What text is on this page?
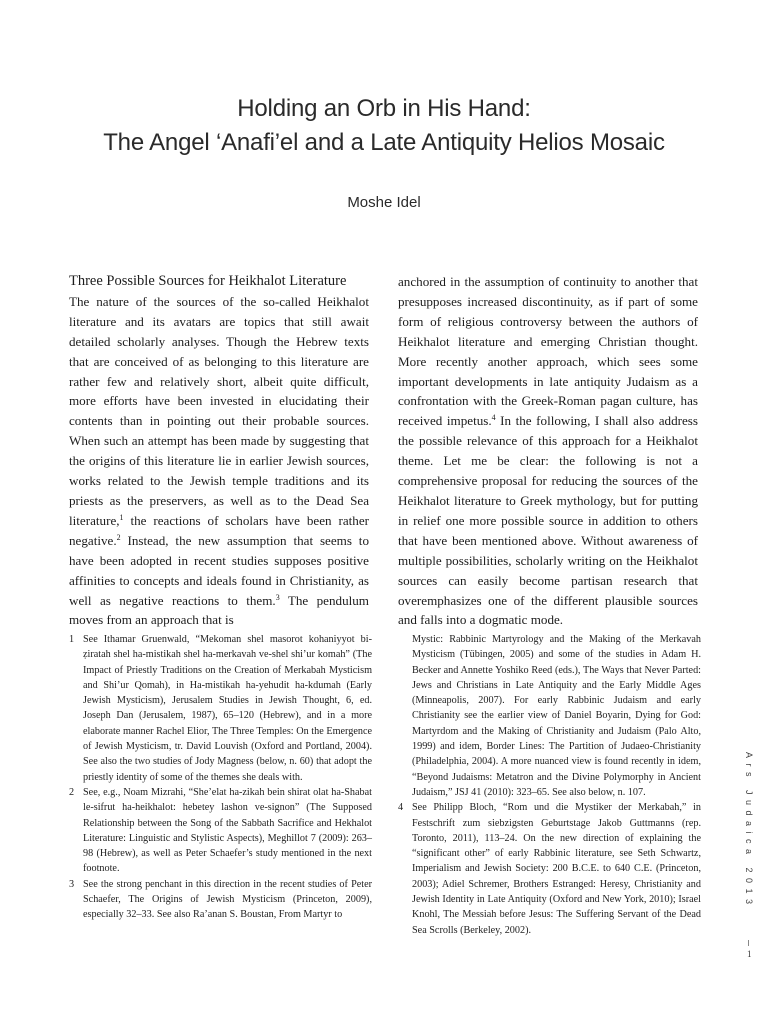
Holding an Orb in His Hand:
The Angel ‘Anafi’el and a Late Antiquity Helios Mosaic
Moshe Idel
Three Possible Sources for Heikhalot Literature

The nature of the sources of the so-called Heikhalot literature and its avatars are topics that still await detailed scholarly analyses. Though the Hebrew texts that are conceived of as belonging to this literature are rather few and relatively short, albeit quite difficult, more efforts have been invested in elucidating their contents than in pointing out their probable sources. When such an attempt has been made by suggesting that the origins of this literature lie in earlier Jewish sources, works related to the Jewish temple traditions and its priests as the preservers, as well as to the Dead Sea literature,$^1$ the reactions of scholars have been rather negative.$^2$ Instead, the new assumption that seems to have been adopted in recent studies supposes positive affinities to concepts and ideals found in Christianity, as well as negative reactions to them.$^3$ The pendulum moves from an approach that is

anchored in the assumption of continuity to another that presupposes increased discontinuity, as if part of some form of religious controversy between the authors of Heikhalot literature and emerging Christian thought. More recently another approach, which sees some important developments in late antiquity Judaism as a confrontation with the Greek-Roman pagan culture, has received impetus.$^4$ In the following, I shall also address the possible relevance of this approach for a Heikhalot theme. Let me be clear: the following is not a comprehensive proposal for reducing the sources of the Heikhalot literature to Greek mythology, but for putting in relief one more possible source in addition to others that have been mentioned above. Without awareness of multiple possibilities, scholarly writing on the Heikhalot sources can easily become partisan research that overemphasizes one of the different plausible sources and falls into a dogmatic mode.

1 See Ithamar Gruenwald, “Mekoman shel masorot kohaniyyot bi-ẓiratah shel ha-mistikah shel ha-merkavah ve-shel shi’ur komah” (The Impact of Priestly Traditions on the Creation of Merkabah Mysticism and Shi’ur Qomah), in Ha-mistikah ha-yehudit ha-kdumah (Early Jewish Mysticism), Jerusalem Studies in Jewish Thought, 6, ed. Joseph Dan (Jerusalem, 1987), 65–120 (Hebrew), and in a more elaborate manner Rachel Elior, The Three Temples: On the Emergence of Jewish Mysticism, tr. David Louvish (Oxford and Portland, 2004). See also the two studies of Jody Magness (below, n. 60) that adopt the priestly identity of some of the themes she deals with.
2 See, e.g., Noam Mizrahi, “She’elat ha-zikah bein shirat olat ha-Shabat le-sifrut ha-heikhalot: hebetey lashon ve-signon” (The Supposed Relationship between the Song of the Sabbath Sacrifice and Hekhalot Literature: Linguistic and Stylistic Aspects), Meghillot 7 (2009): 263–98 (Hebrew), as well as Peter Schaefer’s study mentioned in the next footnote.
3 See the strong penchant in this direction in the recent studies of Peter Schaefer, The Origins of Jewish Mysticism (Princeton, 2009), especially 32–33. See also Ra’anan S. Boustan, From Martyr to
Mystic: Rabbinic Martyrology and the Making of the Merkavah Mysticism (Tübingen, 2005) and some of the studies in Adam H. Becker and Annette Yoshiko Reed (eds.), The Ways that Never Parted: Jews and Christians in Late Antiquity and the Early Middle Ages (Minneapolis, 2007). For early Rabbinic Judaism and early Christianity see the earlier view of Daniel Boyarin, Dying for God: Martyrdom and the Making of Christianity and Judaism (Palo Alto, 1999) and idem, Border Lines: The Partition of Judaeo-Christianity (Philadelphia, 2004). A more nuanced view is found recently in idem, “Beyond Judaisms: Metatron and the Divine Polymorphy in Ancient Judaism,” JSJ 41 (2010): 323–65. See also below, n. 107.
4 See Philipp Bloch, “Rom und die Mystiker der Merkabah,” in Festschrift zum siebzigsten Geburtstage Jakob Guttmanns (rep. Toronto, 2011), 113–24. On the new direction of explaining the “significant other” of early Rabbinic literature, see Seth Schwartz, Imperialism and Jewish Society: 200 B.C.E. to 640 C.E. (Princeton, 2003); Adiel Schremer, Brothers Estranged: Heresy, Christianity and Jewish Identity in Late Antiquity (Oxford and New York, 2010); Israel Knohl, The Messiah before Jesus: The Suffering Servant of the Dead Sea Scrolls (Berkeley, 2002).
Ars Judaica 2013
1
